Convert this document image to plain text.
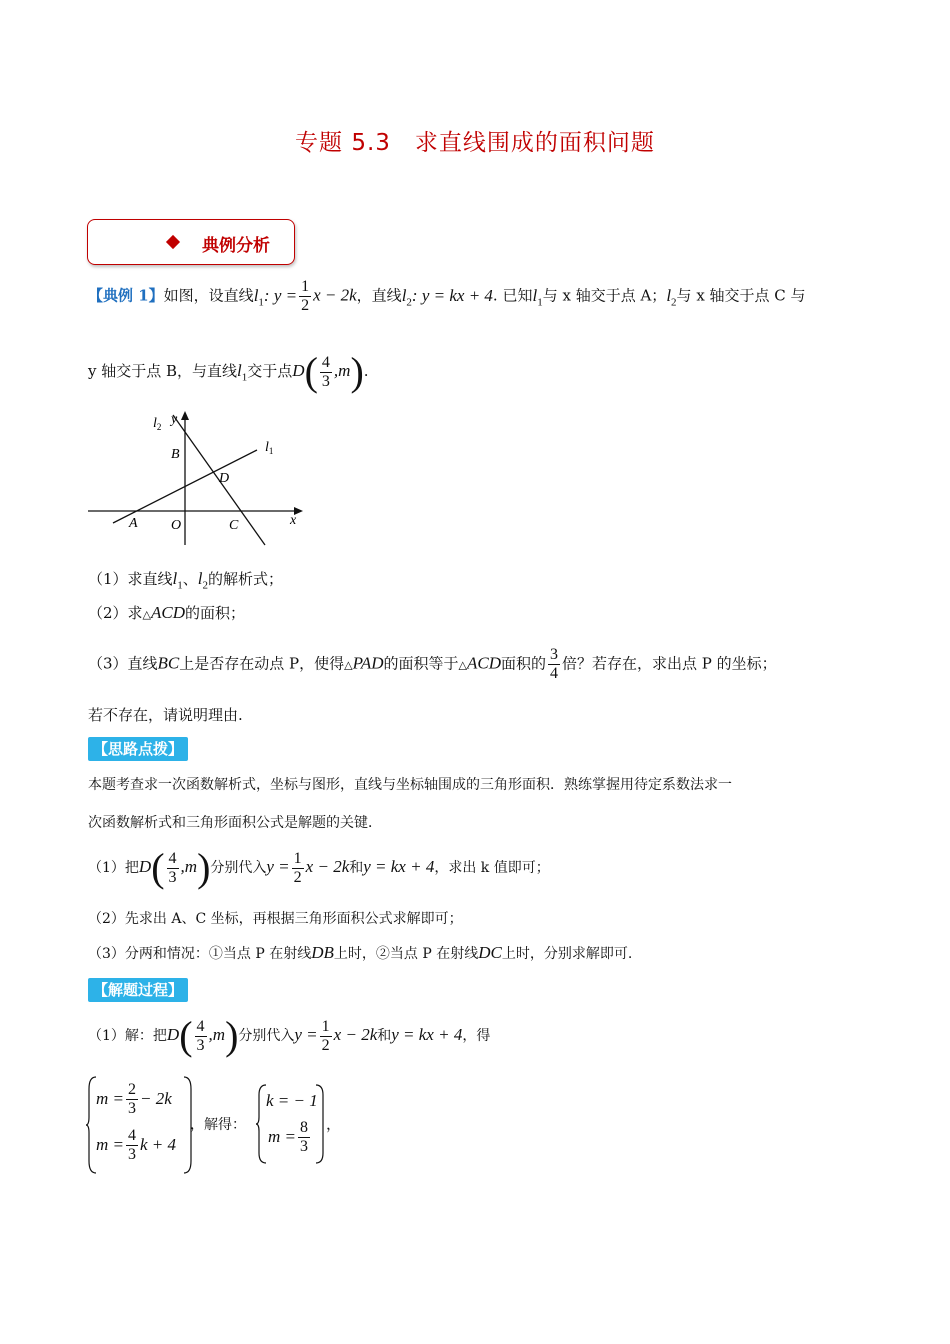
专题 5.3　求直线围成的面积问题
典例分析
【典例 1】如图，设直线$l_1$: $y = \frac{1}{2}$ x − 2k，直线$l_2$: y = kx + 4. 已知$l_1$与 x 轴交于点 A；$l_2$与 x 轴交于点 C 与
y 轴交于点 B，与直线$l_1$交于点$D( \frac{4}{3} ,m)$.
$l_2$ y
$l_1$
B
D
A O	C	x
（1）求直线$l_1$、$l_2$的解析式；
（2）求△ACD的面积；
（3）直线BC上是否存在动点 P，使得△PAD的面积等于△ACD面积的 $\frac{3}{4}$ 倍？若存在，求出点 P 的坐标；
若不存在，请说明理由.
【思路点拨】
本题考查求一次函数解析式，坐标与图形，直线与坐标轴围成的三角形面积．熟练掌握用待定系数法求一
次函数解析式和三角形面积公式是解题的关键．
（1）把$D( \frac{4}{3} ,m)$分别代入$y = \frac{1}{2}$ x − 2k和y = kx + 4，求出 k 值即可；
（2）先求出 A、C 坐标，再根据三角形面积公式求解即可；
（3）分两和情况：①当点 P 在射线DB上时，②当点 P 在射线DC上时，分别求解即可.
【解题过程】
（1）解：把$D( \frac{4}{3} ,m)$分别代入$y = \frac{1}{2}$ x − 2k和y = kx + 4，得
$m = \frac{2}{3} - 2k$
$m = \frac{4}{3}$ k + 4
，解得：
k = − 1
$m = \frac{8}{3}$ ，
